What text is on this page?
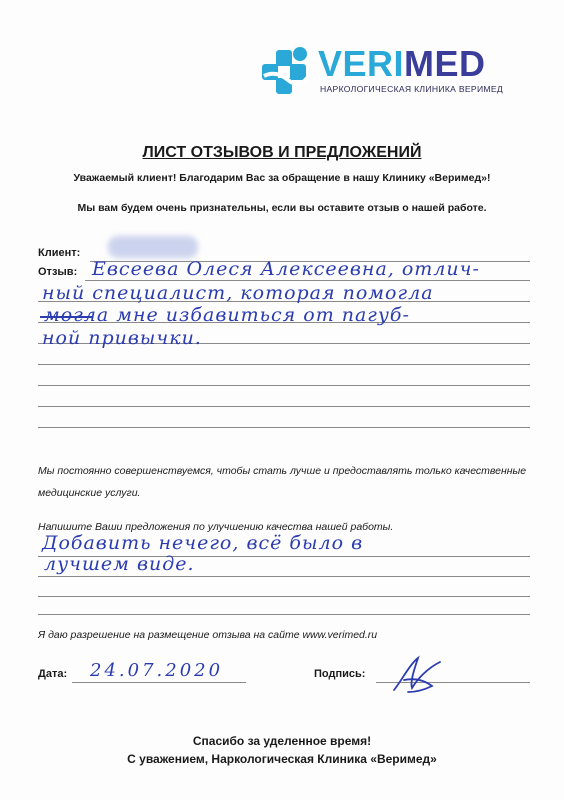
VERIMED
НАРКОЛОГИЧЕСКАЯ КЛИНИКА ВЕРИМЕД
ЛИСТ ОТЗЫВОВ И ПРЕДЛОЖЕНИЙ
Уважаемый клиент! Благодарим Вас за обращение в нашу Клинику «Веримед»!
Мы вам будем очень признательны, если вы оставите отзыв о нашей работе.
Клиент:
Отзыв: Евсеева Олеся Алексеевна, отлич-
ный специалист, которая помогла
могла мне избавиться от пагуб-
ной привычки.
Мы постоянно совершенствуемся, чтобы стать лучше и предоставлять только качественные медицинские услуги.
Напишите Ваши предложения по улучшению качества нашей работы.
Добавить нечего, всё было в
лучшем виде.
Я даю разрешение на размещение отзыва на сайте www.verimed.ru
Дата: 24.07.2020	Подпись:
Спасибо за уделенное время!
С уважением, Наркологическая Клиника «Веримед»
